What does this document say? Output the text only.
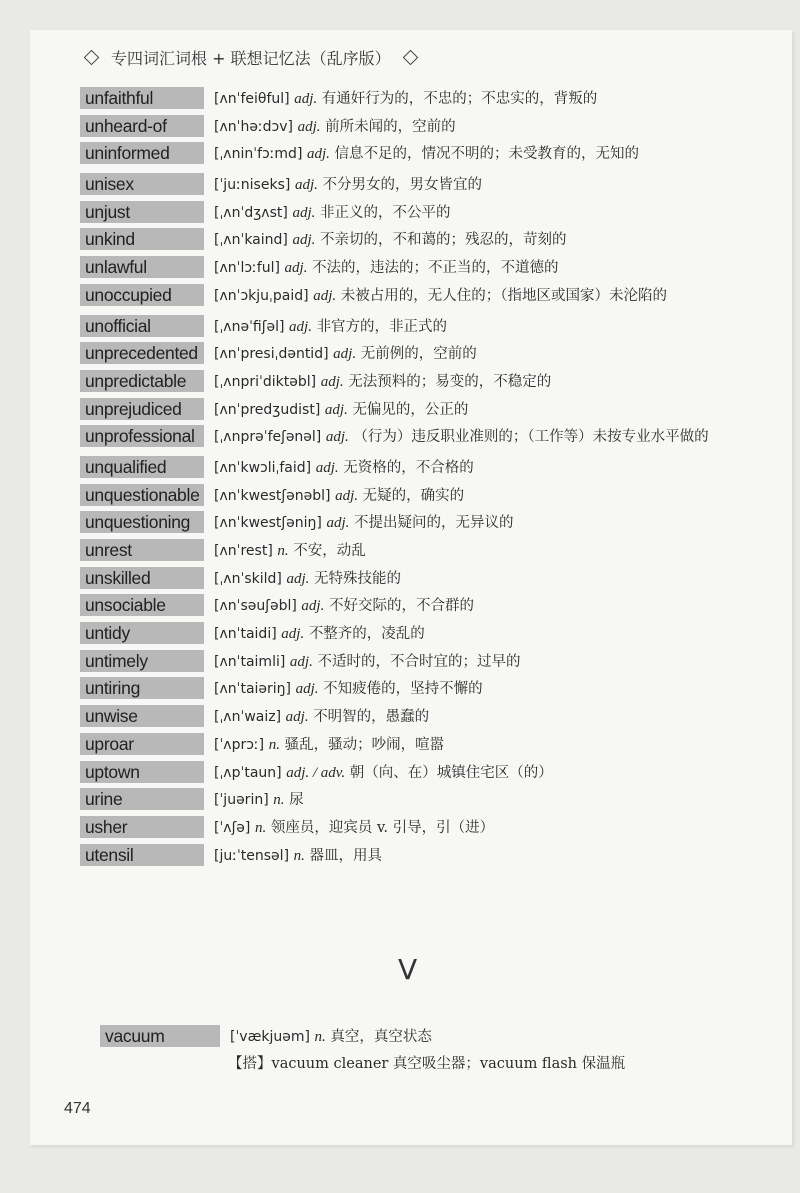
专四词汇词根 + 联想记忆法（乱序版）
unfaithful	[ʌnˈfeiθful] adj. 有通奸行为的，不忠的；不忠实的，背叛的
unheard-of	[ʌnˈhəːdɔv] adj. 前所未闻的，空前的
uninformed	[ˌʌninˈfɔːmd] adj. 信息不足的，情况不明的；未受教育的，无知的
unisex	[ˈjuːniseks] adj. 不分男女的，男女皆宜的
unjust	[ˌʌnˈdʒʌst] adj. 非正义的，不公平的
unkind	[ˌʌnˈkaind] adj. 不亲切的，不和蔼的；残忍的，苛刻的
unlawful	[ʌnˈlɔːful] adj. 不法的，违法的；不正当的，不道德的
unoccupied	[ʌnˈɔkjuˌpaid] adj. 未被占用的，无人住的；（指地区或国家）未沦陷的
unofficial	[ˌʌnəˈfiʃəl] adj. 非官方的，非正式的
unprecedented	[ʌnˈpresiˌdəntid] adj. 无前例的，空前的
unpredictable	[ˌʌnpriˈdiktəbl] adj. 无法预料的；易变的，不稳定的
unprejudiced	[ʌnˈpredʒudist] adj. 无偏见的，公正的
unprofessional	[ˌʌnprəˈfeʃənəl] adj. （行为）违反职业准则的；（工作等）未按专业水平做的
unqualified	[ʌnˈkwɔliˌfaid] adj. 无资格的，不合格的
unquestionable	[ʌnˈkwestʃənəbl] adj. 无疑的，确实的
unquestioning	[ʌnˈkwestʃəniŋ] adj. 不提出疑问的，无异议的
unrest	[ʌnˈrest] n. 不安，动乱
unskilled	[ˌʌnˈskild] adj. 无特殊技能的
unsociable	[ʌnˈsəuʃəbl] adj. 不好交际的，不合群的
untidy	[ʌnˈtaidi] adj. 不整齐的，凌乱的
untimely	[ʌnˈtaimli] adj. 不适时的，不合时宜的；过早的
untiring	[ʌnˈtaiəriŋ] adj. 不知疲倦的，坚持不懈的
unwise	[ˌʌnˈwaiz] adj. 不明智的，愚蠢的
uproar	[ˈʌprɔː] n. 骚乱，骚动；吵闹，喧嚣
uptown	[ˌʌpˈtaun] adj. / adv. 朝（向、在）城镇住宅区（的）
urine	[ˈjuərin] n. 尿
usher	[ˈʌʃə] n. 领座员，迎宾员 v. 引导，引（进）
utensil	[juːˈtensəl] n. 器皿，用具
V
vacuum	[ˈvækjuəm] n. 真空，真空状态
【搭】vacuum cleaner 真空吸尘器；vacuum flash 保温瓶
474
